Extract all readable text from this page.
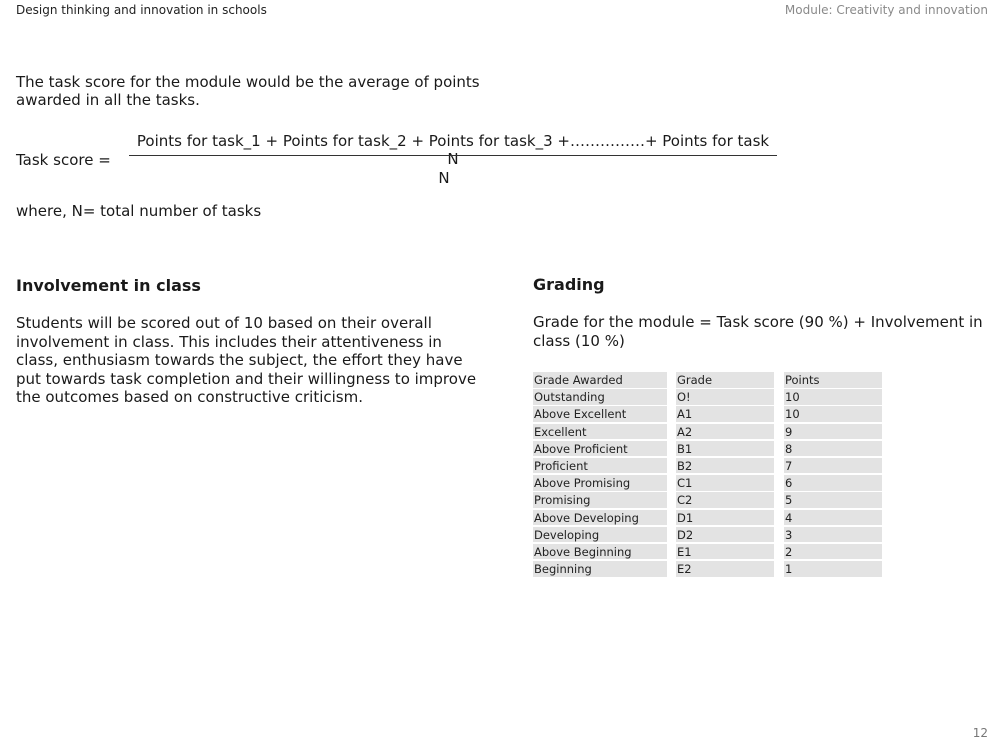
Design thinking and innovation in schools	Module: Creativity and innovation
The task score for the module would be the average of points awarded in all the tasks.
Task score =
Points for task_1 + Points for task_2 + Points for task_3 +……………+ Points for task N
N
where, N= total number of tasks
Involvement in class
Students will be scored out of 10 based on their overall involvement in class. This includes their attentiveness in class, enthusiasm towards the subject, the effort they have put towards task completion and their willingness to improve the outcomes based on constructive criticism.
Grading
Grade for the module = Task score (90 %) + Involvement in class (10 %)
Grade Awarded	Grade	Points
Outstanding	O!	10
Above Excellent	A1	10
Excellent	A2	9
Above Proficient	B1	8
Proficient	B2	7
Above Promising	C1	6
Promising	C2	5
Above Developing	D1	4
Developing	D2	3
Above Beginning	E1	2
Beginning	E2	1
12
